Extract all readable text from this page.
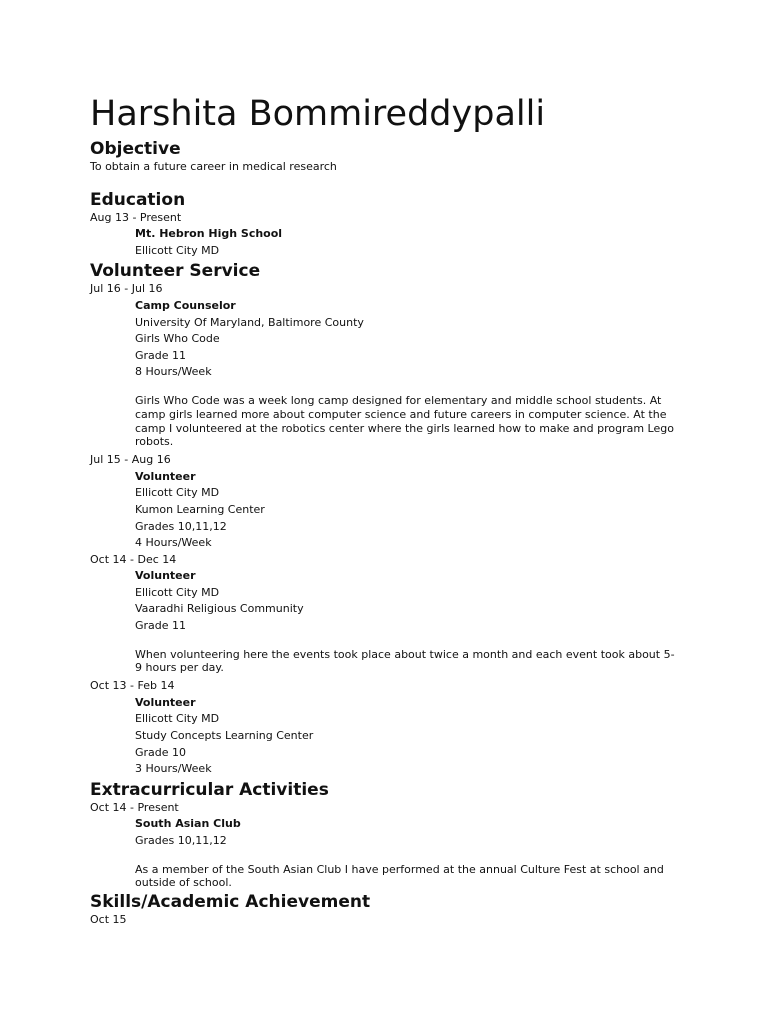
Harshita Bommireddypalli
Objective
To obtain a future career in medical research
Education
Aug 13 - Present
Mt. Hebron High School
Ellicott City MD
Volunteer Service
Jul 16 - Jul 16
Camp Counselor
University Of Maryland, Baltimore County
Girls Who Code
Grade 11
8 Hours/Week
Girls Who Code was a week long camp designed for elementary and middle school students. At camp girls learned more about computer science and future careers in computer science. At the camp I volunteered at the robotics center where the girls learned how to make and program Lego robots.
Jul 15 - Aug 16
Volunteer
Ellicott City MD
Kumon Learning Center
Grades 10,11,12
4 Hours/Week
Oct 14 - Dec 14
Volunteer
Ellicott City MD
Vaaradhi Religious Community
Grade 11
When volunteering here the events took place about twice a month and each event took about 5-9 hours per day.
Oct 13 - Feb 14
Volunteer
Ellicott City MD
Study Concepts Learning Center
Grade 10
3 Hours/Week
Extracurricular Activities
Oct 14 - Present
South Asian Club
Grades 10,11,12
As a member of the South Asian Club I have performed at the annual Culture Fest at school and outside of school.
Skills/Academic Achievement
Oct 15
